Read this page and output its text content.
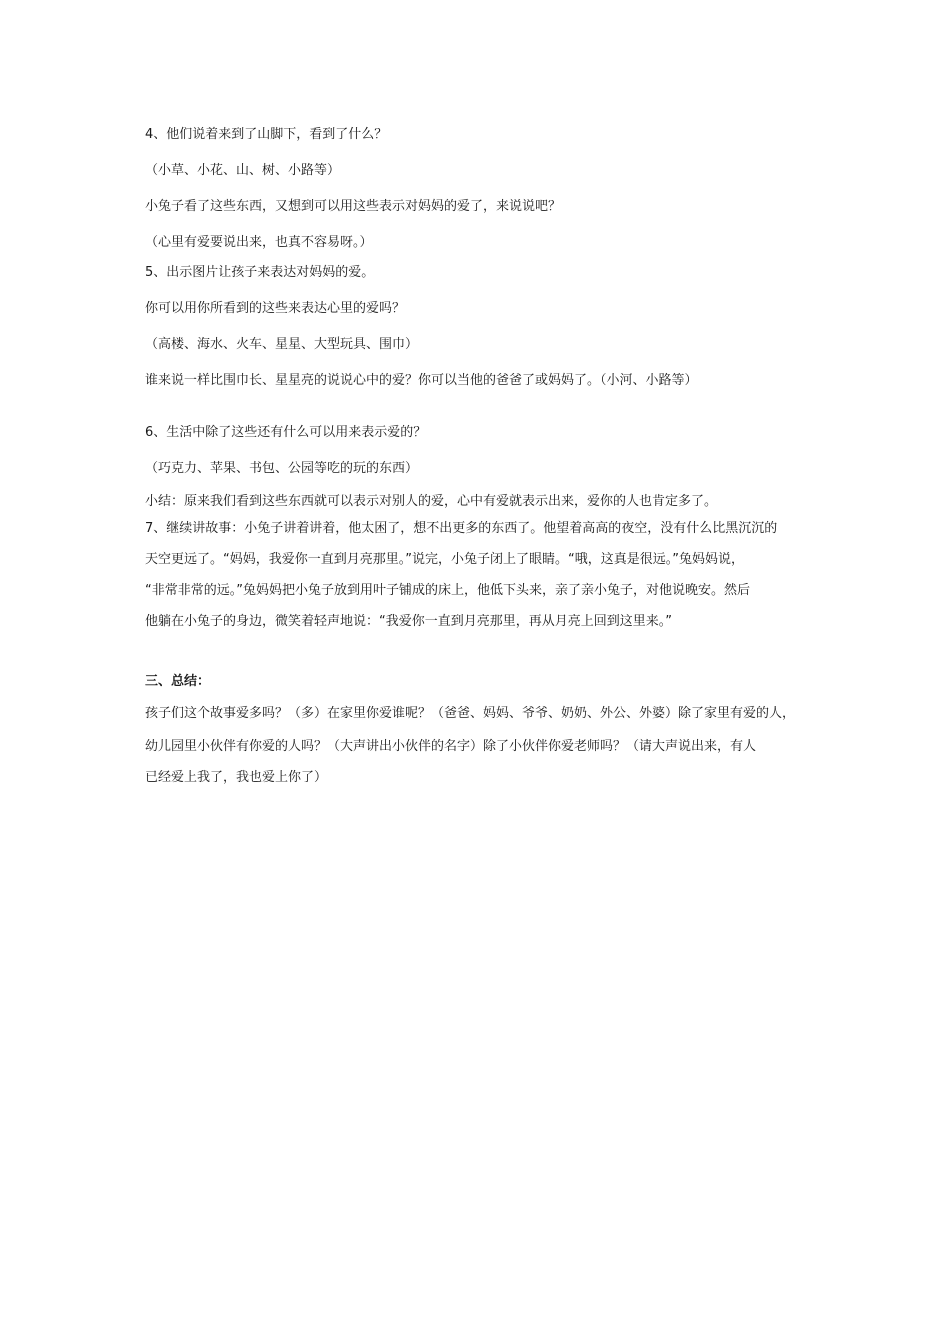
4、他们说着来到了山脚下，看到了什么？

（小草、小花、山、树、小路等）

小兔子看了这些东西，又想到可以用这些表示对妈妈的爱了，来说说吧？

（心里有爱要说出来，也真不容易呀。）

5、出示图片让孩子来表达对妈妈的爱。

你可以用你所看到的这些来表达心里的爱吗？

（高楼、海水、火车、星星、大型玩具、围巾）

谁来说一样比围巾长、星星亮的说说心中的爱？你可以当他的爸爸了或妈妈了。（小河、小路等）

6、生活中除了这些还有什么可以用来表示爱的？

（巧克力、苹果、书包、公园等吃的玩的东西）

小结：原来我们看到这些东西就可以表示对别人的爱，心中有爱就表示出来，爱你的人也肯定多了。

7、继续讲故事：小兔子讲着讲着，他太困了，想不出更多的东西了。他望着高高的夜空，没有什么比黑沉沉的

天空更远了。“妈妈，我爱你一直到月亮那里。”说完，小兔子闭上了眼睛。“哦，这真是很远。”兔妈妈说，

“非常非常的远。”兔妈妈把小兔子放到用叶子铺成的床上，他低下头来，亲了亲小兔子，对他说晚安。然后

他躺在小兔子的身边，微笑着轻声地说：“我爱你一直到月亮那里，再从月亮上回到这里来。”

三、总结：

孩子们这个故事爱多吗？（多）在家里你爱谁呢？（爸爸、妈妈、爷爷、奶奶、外公、外婆）除了家里有爱的人，

幼儿园里小伙伴有你爱的人吗？（大声讲出小伙伴的名字）除了小伙伴你爱老师吗？（请大声说出来，有人

已经爱上我了，我也爱上你了）
